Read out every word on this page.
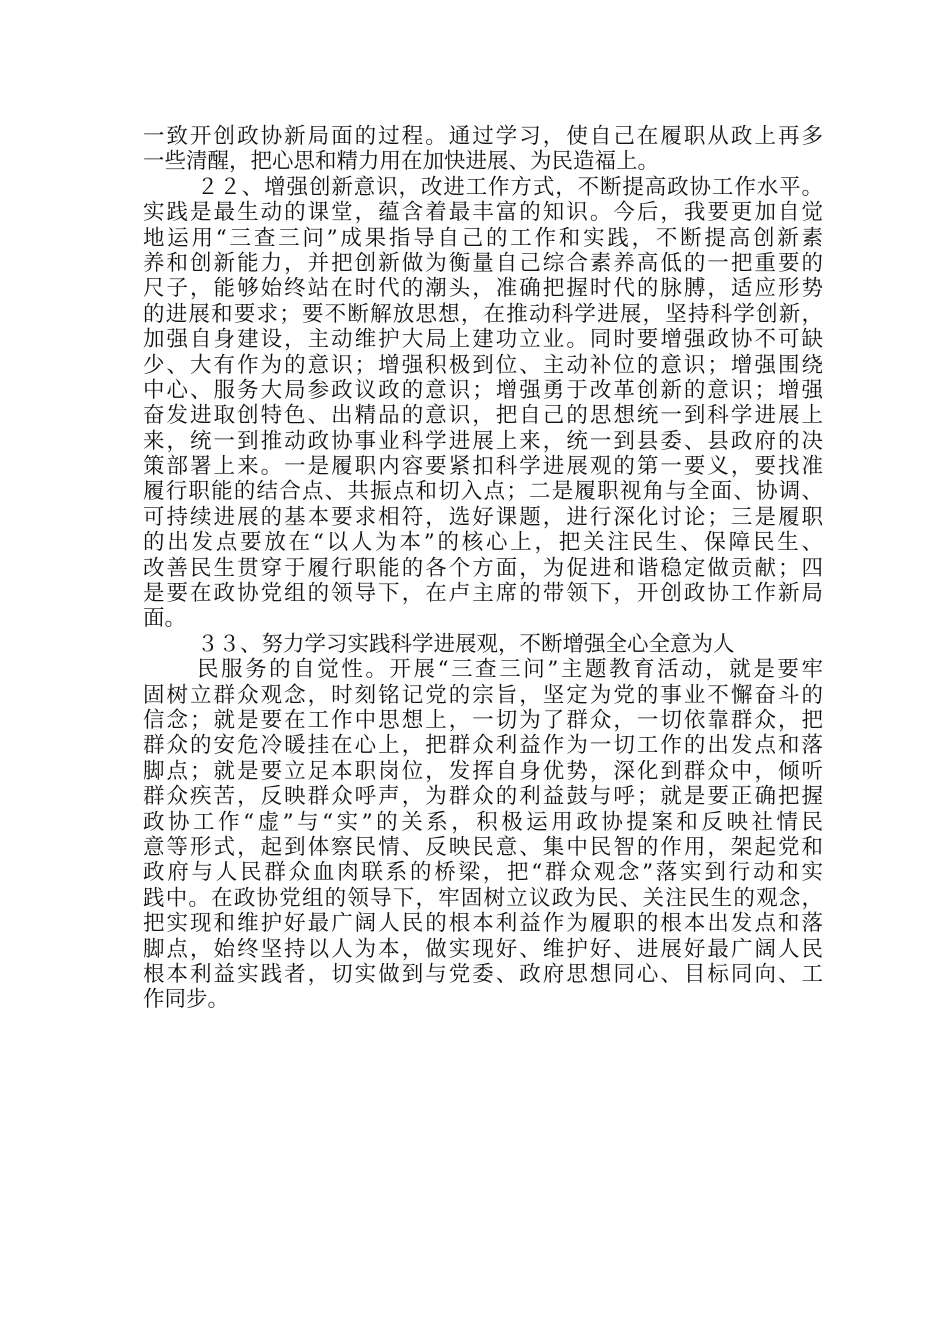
一致开创政协新局面的过程。通过学习，使自己在履职从政上再多
一些清醒，把心思和精力用在加快进展、为民造福上。
２２、增强创新意识，改进工作方式，不断提高政协工作水平。
实践是最生动的课堂，蕴含着最丰富的知识。今后，我要更加自觉
地运用“三查三问”成果指导自己的工作和实践，不断提高创新素
养和创新能力，并把创新做为衡量自己综合素养高低的一把重要的
尺子，能够始终站在时代的潮头，准确把握时代的脉膊，适应形势
的进展和要求；要不断解放思想，在推动科学进展，坚持科学创新，
加强自身建设，主动维护大局上建功立业。同时要增强政协不可缺
少、大有作为的意识；增强积极到位、主动补位的意识；增强围绕
中心、服务大局参政议政的意识；增强勇于改革创新的意识；增强
奋发进取创特色、出精品的意识，把自己的思想统一到科学进展上
来，统一到推动政协事业科学进展上来，统一到县委、县政府的决
策部署上来。一是履职内容要紧扣科学进展观的第一要义，要找准
履行职能的结合点、共振点和切入点；二是履职视角与全面、协调、
可持续进展的基本要求相符，选好课题，进行深化讨论；三是履职
的出发点要放在“以人为本”的核心上，把关注民生、保障民生、
改善民生贯穿于履行职能的各个方面，为促进和谐稳定做贡献；四
是要在政协党组的领导下，在卢主席的带领下，开创政协工作新局
面。
３３、努力学习实践科学进展观，不断增强全心全意为人
民服务的自觉性。开展“三查三问”主题教育活动，就是要牢
固树立群众观念，时刻铭记党的宗旨，坚定为党的事业不懈奋斗的
信念；就是要在工作中思想上，一切为了群众，一切依靠群众，把
群众的安危冷暖挂在心上，把群众利益作为一切工作的出发点和落
脚点；就是要立足本职岗位，发挥自身优势，深化到群众中，倾听
群众疾苦，反映群众呼声，为群众的利益鼓与呼；就是要正确把握
政协工作“虚”与“实”的关系，积极运用政协提案和反映社情民
意等形式，起到体察民情、反映民意、集中民智的作用，架起党和
政府与人民群众血肉联系的桥梁，把“群众观念”落实到行动和实
践中。在政协党组的领导下，牢固树立议政为民、关注民生的观念，
把实现和维护好最广阔人民的根本利益作为履职的根本出发点和落
脚点，始终坚持以人为本，做实现好、维护好、进展好最广阔人民
根本利益实践者，切实做到与党委、政府思想同心、目标同向、工
作同步。
